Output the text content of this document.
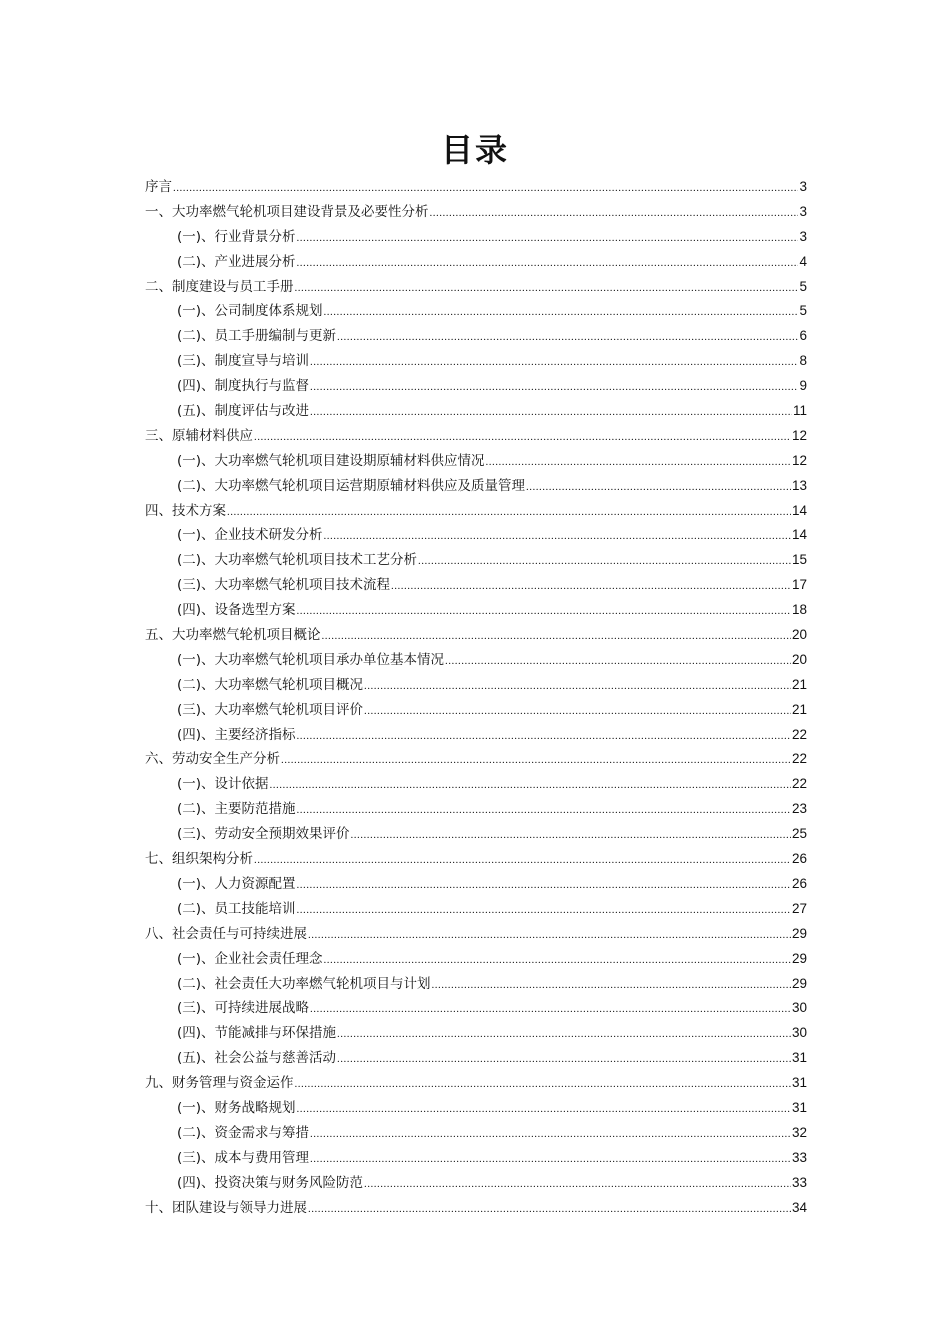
目录
序言 .....	3
一、大功率燃气轮机项目建设背景及必要性分析 .....	3
(一)、行业背景分析 .....	3
(二)、产业进展分析 .....	4
二、制度建设与员工手册 .....	5
(一)、公司制度体系规划 .....	5
(二)、员工手册编制与更新 .....	6
(三)、制度宣导与培训 .....	8
(四)、制度执行与监督 .....	9
(五)、制度评估与改进 .....	11
三、原辅材料供应 .....	12
(一)、大功率燃气轮机项目建设期原辅材料供应情况 .....	12
(二)、大功率燃气轮机项目运营期原辅材料供应及质量管理 .....	13
四、技术方案 .....	14
(一)、企业技术研发分析 .....	14
(二)、大功率燃气轮机项目技术工艺分析 .....	15
(三)、大功率燃气轮机项目技术流程 .....	17
(四)、设备选型方案 .....	18
五、大功率燃气轮机项目概论 .....	20
(一)、大功率燃气轮机项目承办单位基本情况 .....	20
(二)、大功率燃气轮机项目概况 .....	21
(三)、大功率燃气轮机项目评价 .....	21
(四)、主要经济指标 .....	22
六、劳动安全生产分析 .....	22
(一)、设计依据 .....	22
(二)、主要防范措施 .....	23
(三)、劳动安全预期效果评价 .....	25
七、组织架构分析 .....	26
(一)、人力资源配置 .....	26
(二)、员工技能培训 .....	27
八、社会责任与可持续进展 .....	29
(一)、企业社会责任理念 .....	29
(二)、社会责任大功率燃气轮机项目与计划 .....	29
(三)、可持续进展战略 .....	30
(四)、节能减排与环保措施 .....	30
(五)、社会公益与慈善活动 .....	31
九、财务管理与资金运作 .....	31
(一)、财务战略规划 .....	31
(二)、资金需求与筹措 .....	32
(三)、成本与费用管理 .....	33
(四)、投资决策与财务风险防范 .....	33
十、团队建设与领导力进展 .....	34
